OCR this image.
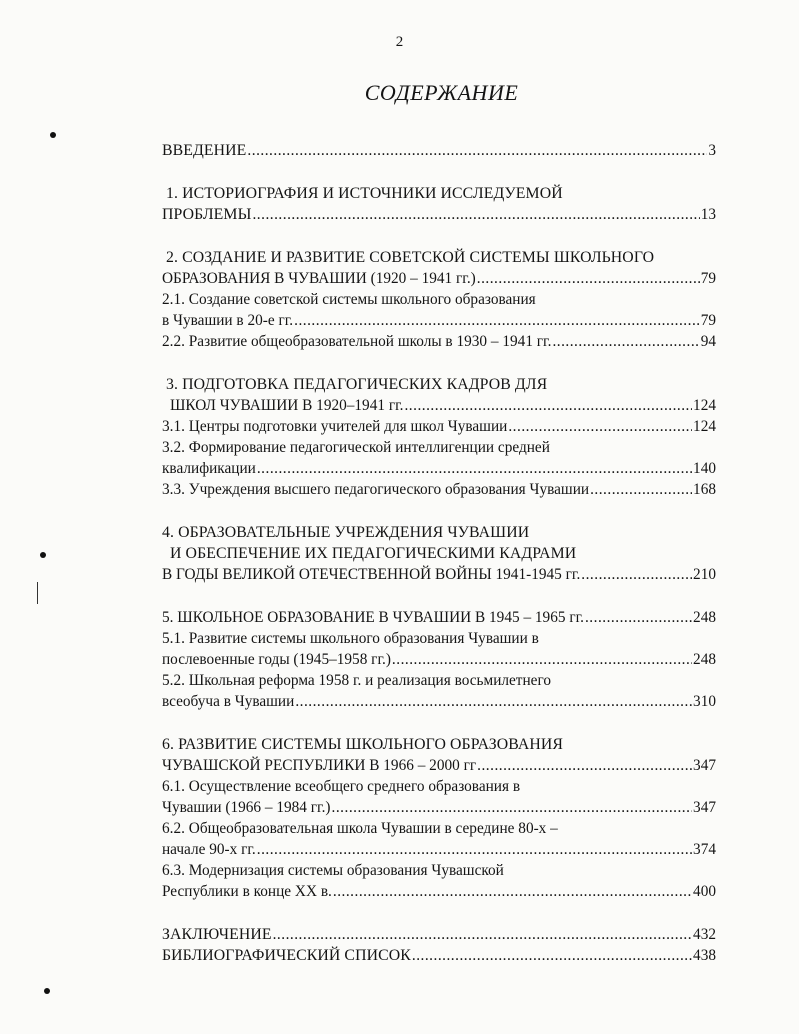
2
СОДЕРЖАНИЕ
ВВЕДЕНИЕ .....	3
1. ИСТОРИОГРАФИЯ И ИСТОЧНИКИ ИССЛЕДУЕМОЙ
ПРОБЛЕМЫ .....	13
2. СОЗДАНИЕ И РАЗВИТИЕ СОВЕТСКОЙ СИСТЕМЫ ШКОЛЬНОГО
ОБРАЗОВАНИЯ В ЧУВАШИИ (1920 – 1941 гг.) .....	79
2.1. Создание советской системы школьного образования
в Чувашии в 20-е гг. .....	79
2.2. Развитие общеобразовательной школы в 1930 – 1941 гг. .....	94
3. ПОДГОТОВКА ПЕДАГОГИЧЕСКИХ КАДРОВ ДЛЯ
ШКОЛ ЧУВАШИИ В 1920–1941 гг. .....	124
3.1. Центры подготовки учителей для школ Чувашии .....	124
3.2. Формирование педагогической интеллигенции средней
квалификации .....	140
3.3. Учреждения высшего педагогического образования Чувашии .....	168
4. ОБРАЗОВАТЕЛЬНЫЕ УЧРЕЖДЕНИЯ ЧУВАШИИ
И ОБЕСПЕЧЕНИЕ ИХ ПЕДАГОГИЧЕСКИМИ КАДРАМИ
В ГОДЫ ВЕЛИКОЙ ОТЕЧЕСТВЕННОЙ ВОЙНЫ 1941-1945 гг. .....	210
5. ШКОЛЬНОЕ ОБРАЗОВАНИЕ В ЧУВАШИИ В 1945 – 1965 гг. .....	248
5.1. Развитие системы школьного образования Чувашии в
послевоенные годы (1945–1958 гг.) .....	248
5.2. Школьная реформа 1958 г. и реализация восьмилетнего
всеобуча в Чувашии .....	310
6. РАЗВИТИЕ СИСТЕМЫ ШКОЛЬНОГО ОБРАЗОВАНИЯ
ЧУВАШСКОЙ РЕСПУБЛИКИ В 1966 – 2000 гг .....	347
6.1. Осуществление всеобщего среднего образования в
Чувашии (1966 – 1984 гг.) .....	347
6.2. Общеобразовательная школа Чувашии в середине 80-х –
начале 90-х гг. .....	374
6.3. Модернизация системы образования Чувашской
Республики в конце XX в. .....	400
ЗАКЛЮЧЕНИЕ .....	432
БИБЛИОГРАФИЧЕСКИЙ СПИСОК .....	438
